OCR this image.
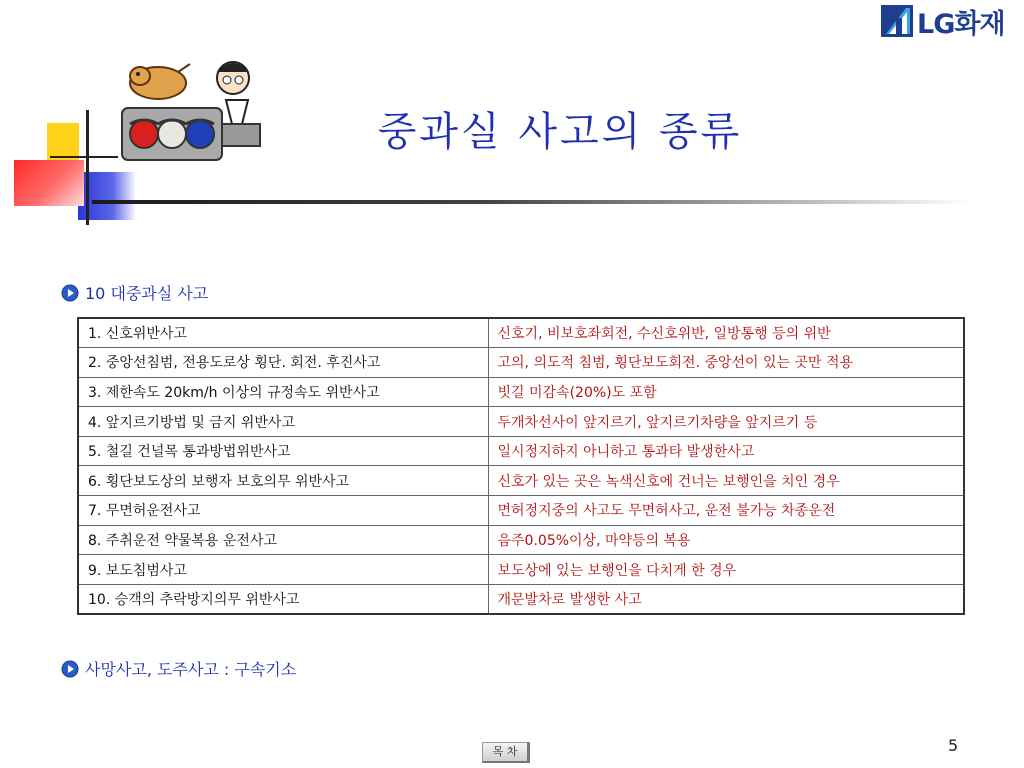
LG화재
중과실 사고의 종류
10 대중과실 사고
1. 신호위반사고	신호기, 비보호좌회전, 수신호위반, 일방통행 등의 위반
2. 중앙선침범, 전용도로상 횡단. 회전. 후진사고	고의, 의도적 침범, 횡단보도회전. 중앙선이 있는 곳만 적용
3. 제한속도 20km/h 이상의 규정속도 위반사고	빗길 미감속(20%)도 포함
4. 앞지르기방법 및 금지 위반사고	두개차선사이 앞지르기, 앞지르기차량을 앞지르기 등
5. 철길 건널목 통과방법위반사고	일시정지하지 아니하고 통과타 발생한사고
6. 횡단보도상의 보행자 보호의무 위반사고	신호가 있는 곳은 녹색신호에 건너는 보행인을 치인 경우
7. 무면허운전사고	면허정지중의 사고도 무면허사고, 운전 불가능 차종운전
8. 주취운전 약물복용 운전사고	음주0.05%이상, 마약등의 복용
9. 보도침범사고	보도상에 있는 보행인을 다치게 한 경우
10. 승객의 추락방지의무 위반사고	개문발차로 발생한 사고
사망사고, 도주사고 : 구속기소
목 차	5
